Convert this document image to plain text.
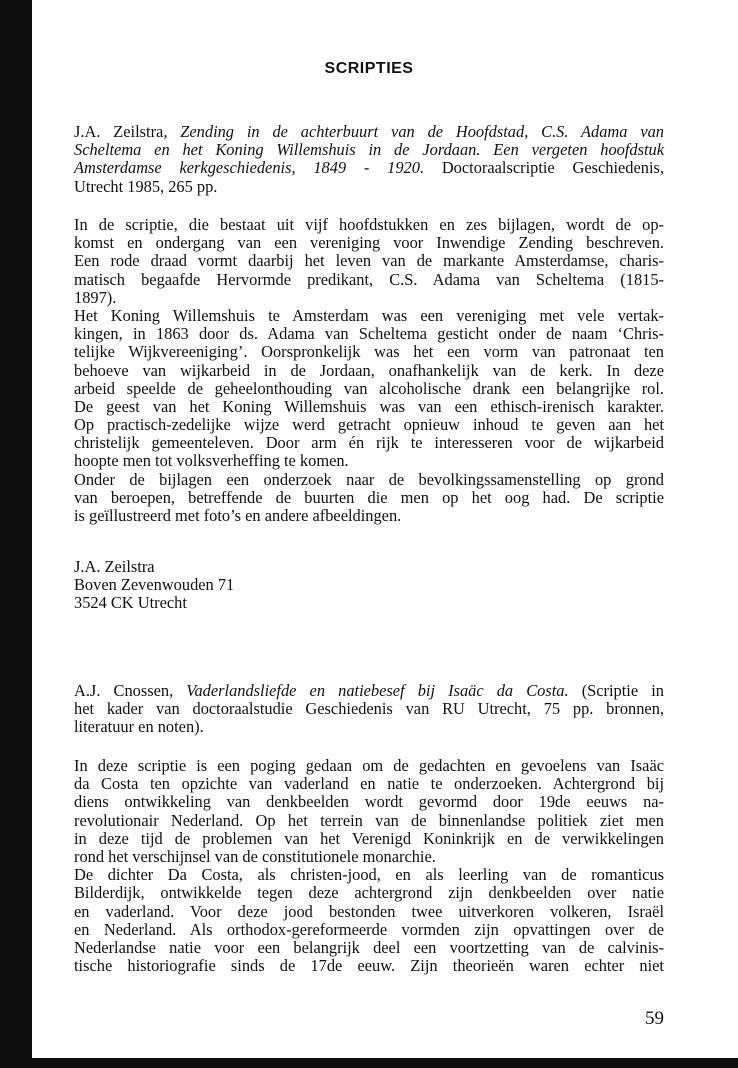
SCRIPTIES
J.A. Zeilstra, Zending in de achterbuurt van de Hoofdstad, C.S. Adama van
Scheltema en het Koning Willemshuis in de Jordaan. Een vergeten hoofdstuk
Amsterdamse kerkgeschiedenis, 1849 - 1920. Doctoraalscriptie Geschiedenis,
Utrecht 1985, 265 pp.
In de scriptie, die bestaat uit vijf hoofdstukken en zes bijlagen, wordt de op-
komst en ondergang van een vereniging voor Inwendige Zending beschreven.
Een rode draad vormt daarbij het leven van de markante Amsterdamse, charis-
matisch begaafde Hervormde predikant, C.S. Adama van Scheltema (1815-
1897).
Het Koning Willemshuis te Amsterdam was een vereniging met vele vertak-
kingen, in 1863 door ds. Adama van Scheltema gesticht onder de naam ‘Chris-
telijke Wijkvereeniging’. Oorspronkelijk was het een vorm van patronaat ten
behoeve van wijkarbeid in de Jordaan, onafhankelijk van de kerk. In deze
arbeid speelde de geheelonthouding van alcoholische drank een belangrijke rol.
De geest van het Koning Willemshuis was van een ethisch-irenisch karakter.
Op practisch-zedelijke wijze werd getracht opnieuw inhoud te geven aan het
christelijk gemeenteleven. Door arm én rijk te interesseren voor de wijkarbeid
hoopte men tot volksverheffing te komen.
Onder de bijlagen een onderzoek naar de bevolkingssamenstelling op grond
van beroepen, betreffende de buurten die men op het oog had. De scriptie
is geïllustreerd met foto’s en andere afbeeldingen.
J.A. Zeilstra
Boven Zevenwouden 71
3524 CK Utrecht
A.J. Cnossen, Vaderlandsliefde en natiebesef bij Isaäc da Costa. (Scriptie in
het kader van doctoraalstudie Geschiedenis van RU Utrecht, 75 pp. bronnen,
literatuur en noten).
In deze scriptie is een poging gedaan om de gedachten en gevoelens van Isaäc
da Costa ten opzichte van vaderland en natie te onderzoeken. Achtergrond bij
diens ontwikkeling van denkbeelden wordt gevormd door 19de eeuws na-
revolutionair Nederland. Op het terrein van de binnenlandse politiek ziet men
in deze tijd de problemen van het Verenigd Koninkrijk en de verwikkelingen
rond het verschijnsel van de constitutionele monarchie.
De dichter Da Costa, als christen-jood, en als leerling van de romanticus
Bilderdijk, ontwikkelde tegen deze achtergrond zijn denkbeelden over natie
en vaderland. Voor deze jood bestonden twee uitverkoren volkeren, Israël
en Nederland. Als orthodox-gereformeerde vormden zijn opvattingen over de
Nederlandse natie voor een belangrijk deel een voortzetting van de calvinis-
tische historiografie sinds de 17de eeuw. Zijn theorieën waren echter niet
59
